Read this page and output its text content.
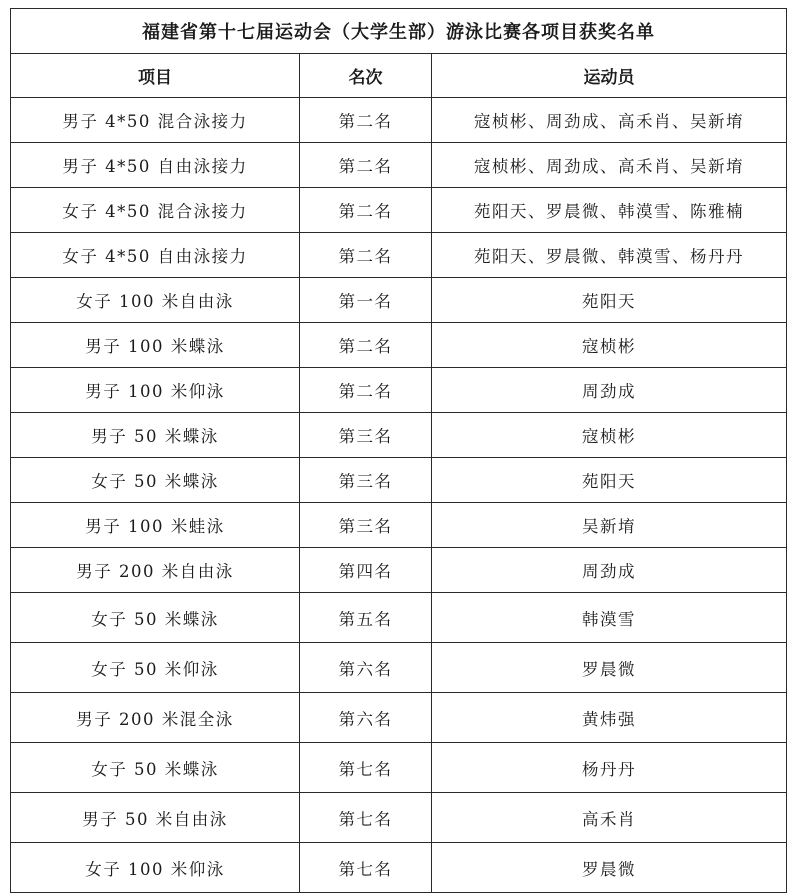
福建省第十七届运动会（大学生部）游泳比赛各项目获奖名单		
项目	名次	运动员
男子 4*50 混合泳接力	第二名	寇桢彬、周劲成、高禾肖、吴新堉
男子 4*50 自由泳接力	第二名	寇桢彬、周劲成、高禾肖、吴新堉
女子 4*50 混合泳接力	第二名	苑阳天、罗晨微、韩漠雪、陈雅楠
女子 4*50 自由泳接力	第二名	苑阳天、罗晨微、韩漠雪、杨丹丹
女子 100 米自由泳	第一名	苑阳天
男子 100 米蝶泳	第二名	寇桢彬
男子 100 米仰泳	第二名	周劲成
男子 50 米蝶泳	第三名	寇桢彬
女子 50 米蝶泳	第三名	苑阳天
男子 100 米蛙泳	第三名	吴新堉
男子 200 米自由泳	第四名	周劲成
女子 50 米蝶泳	第五名	韩漠雪
女子 50 米仰泳	第六名	罗晨微
男子 200 米混全泳	第六名	黄炜强
女子 50 米蝶泳	第七名	杨丹丹
男子 50 米自由泳	第七名	高禾肖
女子 100 米仰泳	第七名	罗晨微
